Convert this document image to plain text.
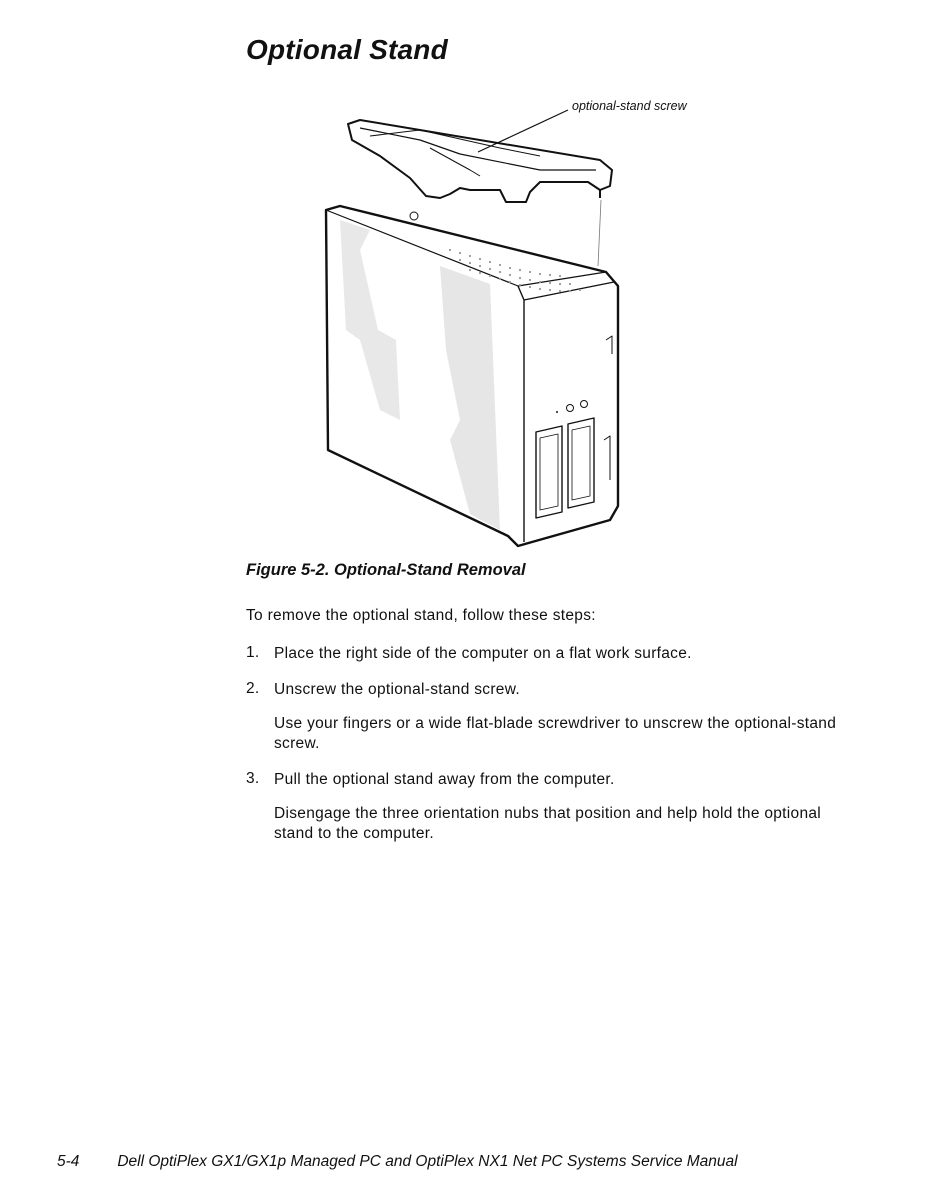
Optional Stand
optional-stand screw
Figure 5-2. Optional-Stand Removal
To remove the optional stand, follow these steps:
1. Place the right side of the computer on a flat work surface.
2. Unscrew the optional-stand screw.
Use your fingers or a wide flat-blade screwdriver to unscrew the optional-stand screw.
3. Pull the optional stand away from the computer.
Disengage the three orientation nubs that position and help hold the optional stand to the computer.
5-4 Dell OptiPlex GX1/GX1p Managed PC and OptiPlex NX1 Net PC Systems Service Manual
